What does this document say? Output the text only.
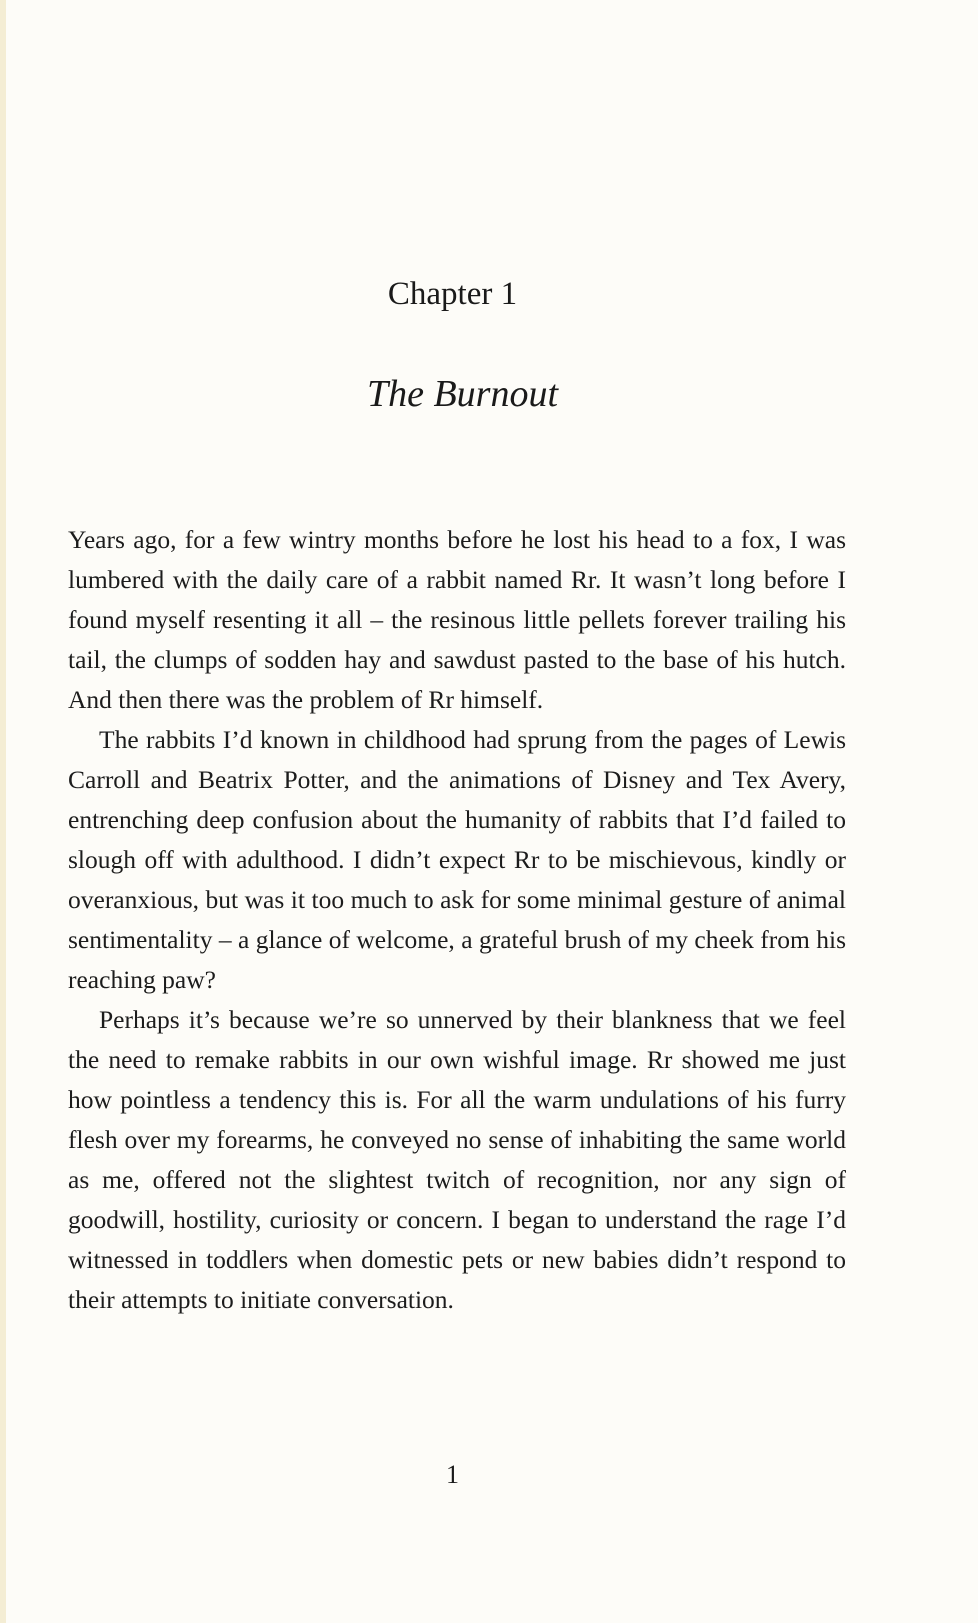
Chapter 1
The Burnout

Years ago, for a few wintry months before he lost his head to a fox, I was lumbered with the daily care of a rabbit named Rr. It wasn’t long before I found myself resenting it all – the resinous little pellets forever trailing his tail, the clumps of sodden hay and sawdust pasted to the base of his hutch. And then there was the problem of Rr himself.

The rabbits I’d known in childhood had sprung from the pages of Lewis Carroll and Beatrix Potter, and the animations of Disney and Tex Avery, entrenching deep confusion about the humanity of rabbits that I’d failed to slough off with adulthood. I didn’t expect Rr to be mischievous, kindly or overanxious, but was it too much to ask for some minimal gesture of animal sentimentality – a glance of welcome, a grateful brush of my cheek from his reaching paw?

Perhaps it’s because we’re so unnerved by their blankness that we feel the need to remake rabbits in our own wishful image. Rr showed me just how pointless a tendency this is. For all the warm undulations of his furry flesh over my forearms, he conveyed no sense of inhabiting the same world as me, offered not the slightest twitch of recognition, nor any sign of goodwill, hostility, curiosity or concern. I began to understand the rage I’d witnessed in toddlers when domestic pets or new babies didn’t respond to their attempts to initiate conversation.

1
